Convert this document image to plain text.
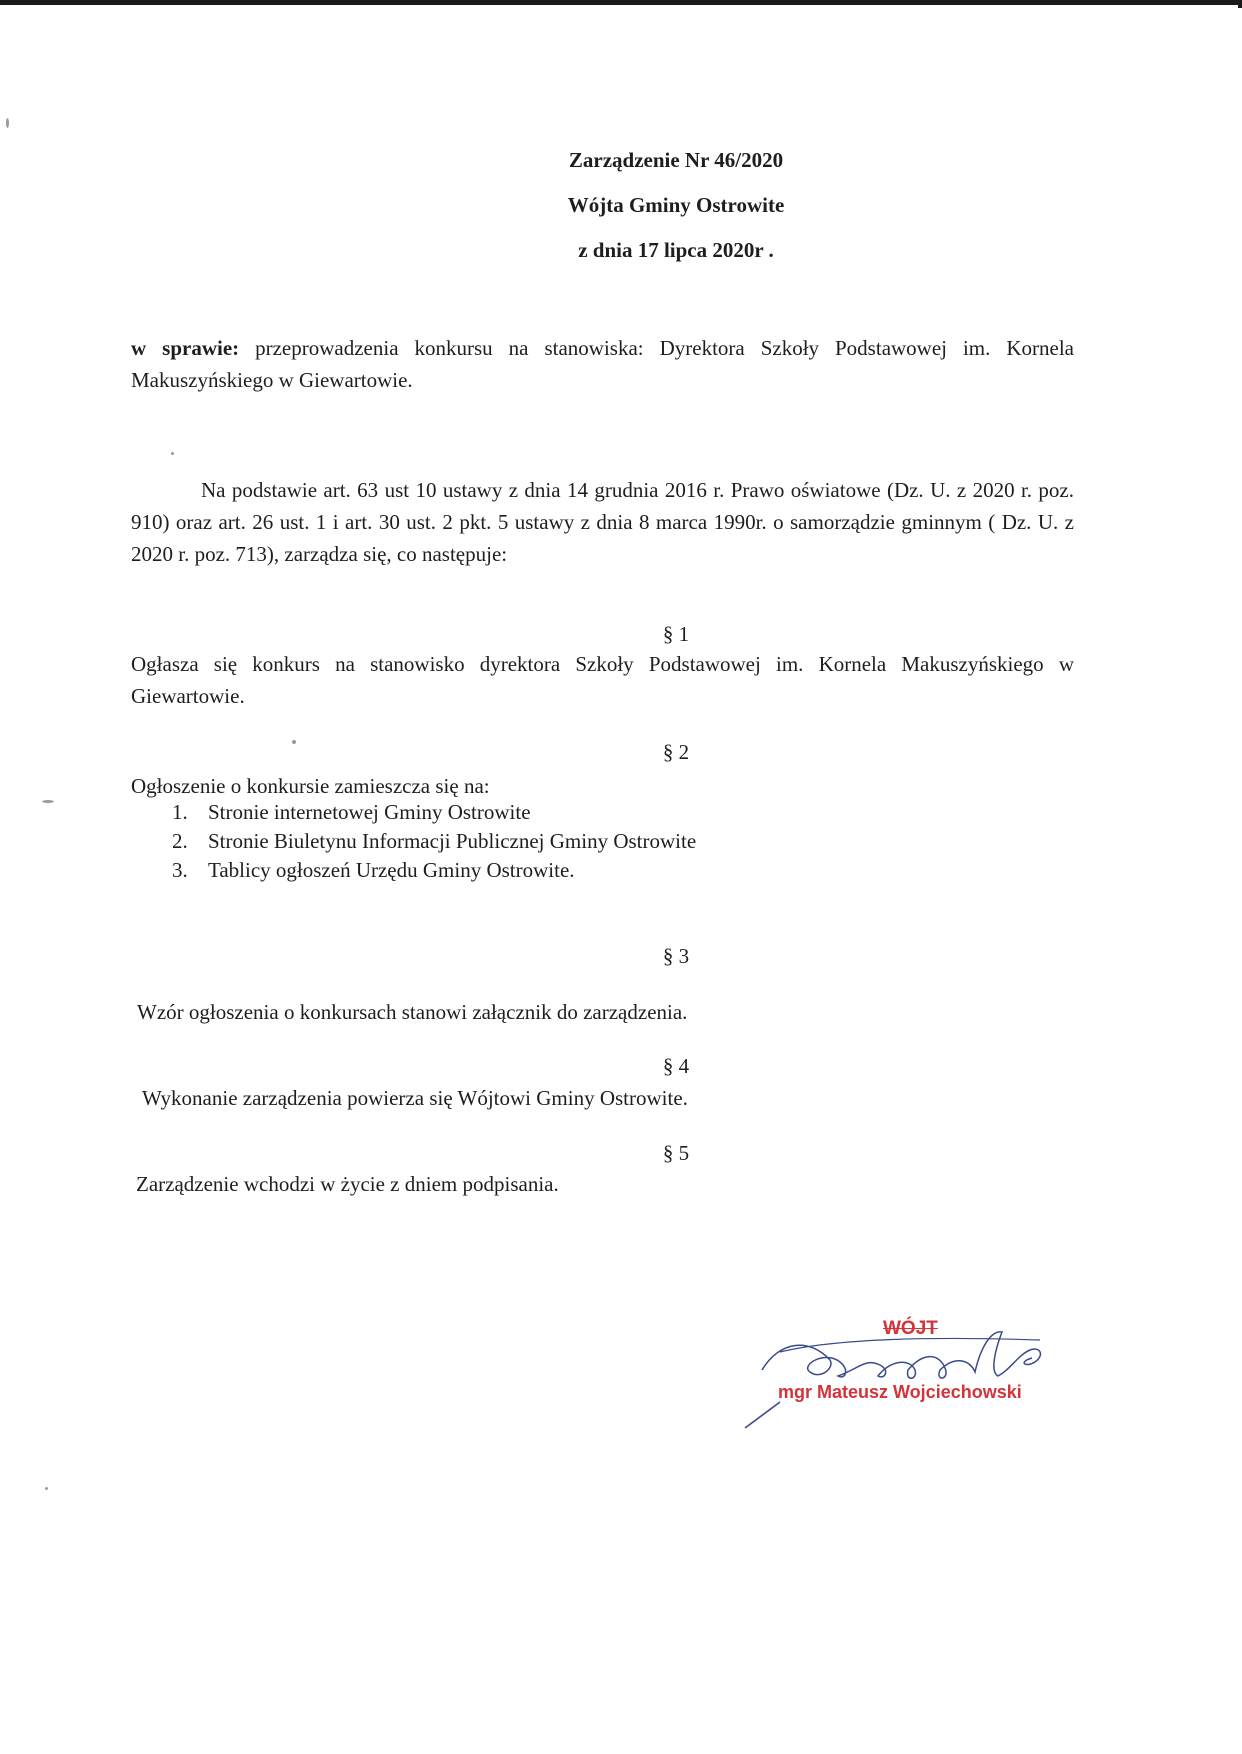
Zarządzenie Nr 46/2020
Wójta Gminy Ostrowite
z dnia 17 lipca 2020r .
w sprawie: przeprowadzenia konkursu na stanowiska: Dyrektora Szkoły Podstawowej im. Kornela Makuszyńskiego w Giewartowie.
Na podstawie art. 63 ust 10 ustawy z dnia 14 grudnia 2016 r. Prawo oświatowe (Dz. U. z 2020 r. poz. 910) oraz art. 26 ust. 1 i art. 30 ust. 2 pkt. 5 ustawy z dnia 8 marca 1990r. o samorządzie gminnym ( Dz. U. z 2020 r. poz. 713), zarządza się, co następuje:
§ 1
Ogłasza się konkurs na stanowisko dyrektora Szkoły Podstawowej im. Kornela Makuszyńskiego w Giewartowie.
§ 2
Ogłoszenie o konkursie zamieszcza się na:
1. Stronie internetowej Gminy Ostrowite
2. Stronie Biuletynu Informacji Publicznej Gminy Ostrowite
3. Tablicy ogłoszeń Urzędu Gminy Ostrowite.
§ 3
Wzór ogłoszenia o konkursach stanowi załącznik do zarządzenia.
§ 4
Wykonanie zarządzenia powierza się Wójtowi Gminy Ostrowite.
§ 5
Zarządzenie wchodzi w życie z dniem podpisania.
WÓJT
mgr Mateusz Wojciechowski
